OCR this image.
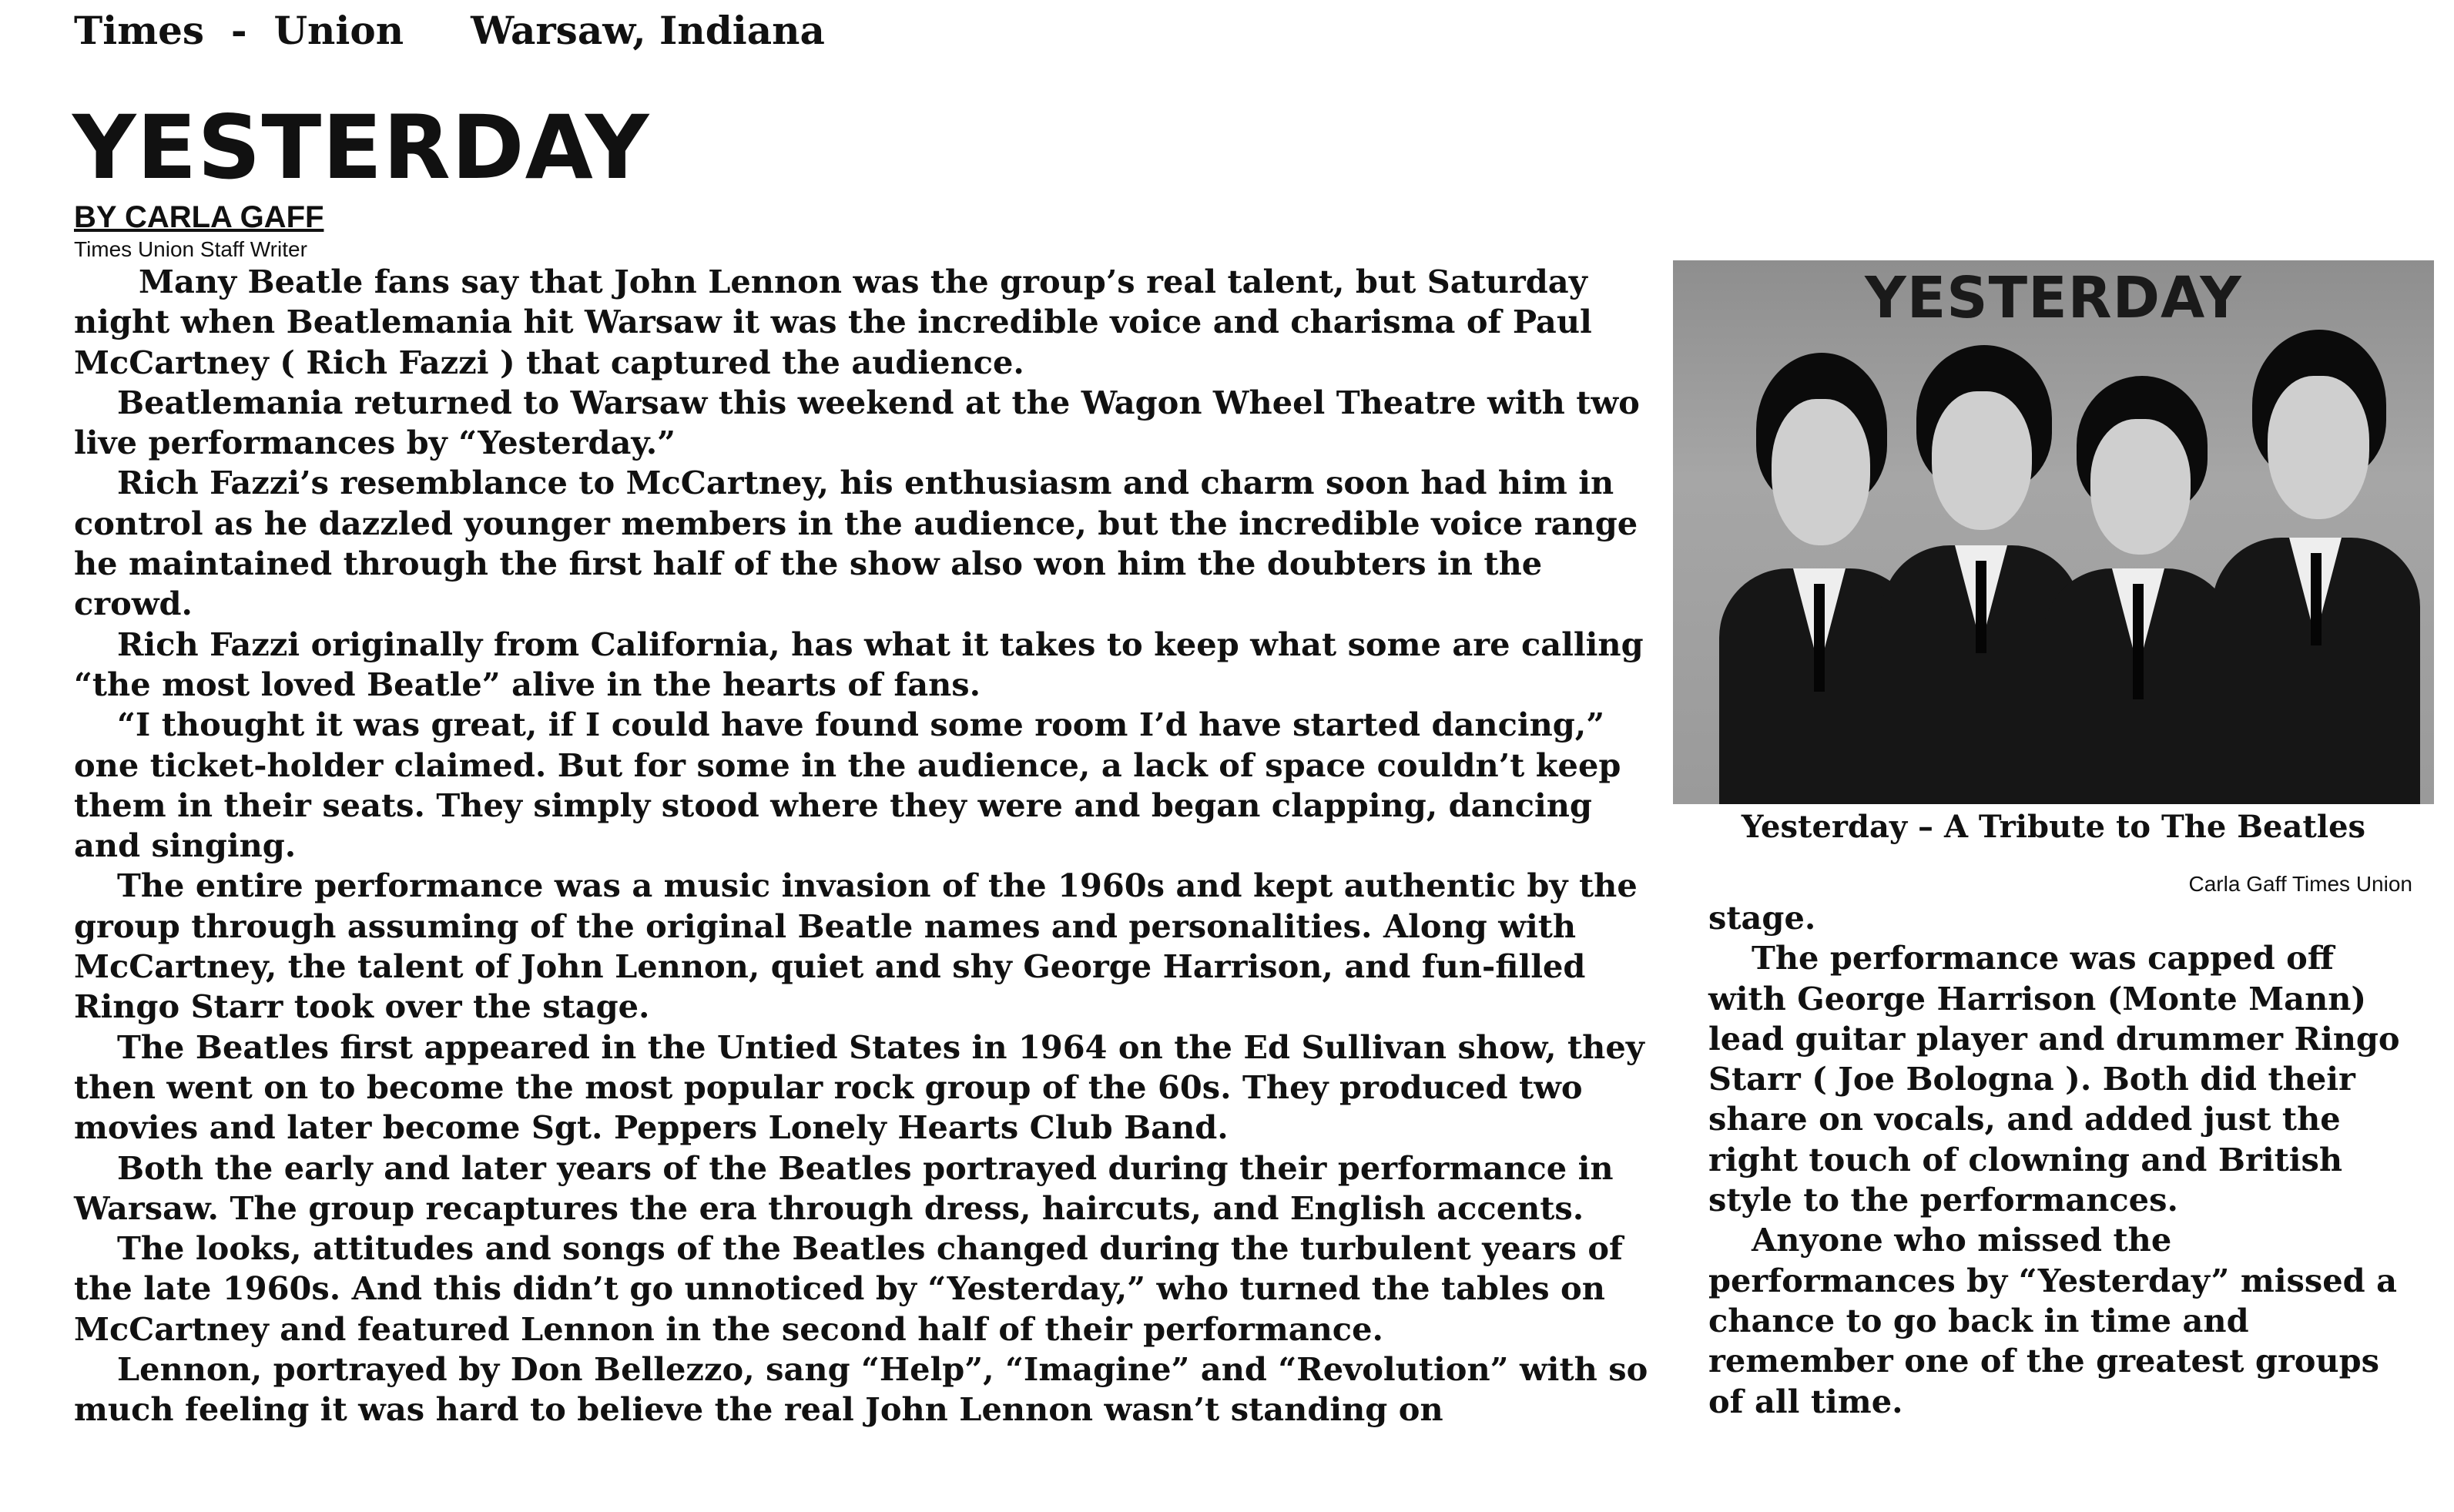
Times  -  Union     Warsaw, Indiana
YESTERDAY
BY CARLA GAFF
Times Union Staff Writer

Many Beatle fans say that John Lennon was the group’s real talent, but Saturday night when Beatlemania hit Warsaw it was the incredible voice and charisma of Paul McCartney ( Rich Fazzi ) that captured the audience.

Beatlemania returned to Warsaw this weekend at the Wagon Wheel Theatre with two live performances by “Yesterday.”

Rich Fazzi’s resemblance to McCartney, his enthusiasm and charm soon had him in control as he dazzled younger members in the audience, but the incredible voice range he maintained through the first half of the show also won him the doubters in the crowd.

Rich Fazzi originally from California, has what it takes to keep what some are calling “the most loved Beatle” alive in the hearts of fans.

“I thought it was great, if I could have found some room I’d have started dancing,” one ticket-holder claimed. But for some in the audience, a lack of space couldn’t keep them in their seats. They simply stood where they were and began clapping, dancing and singing.

The entire performance was a music invasion of the 1960s and kept authentic by the group through assuming of the original Beatle names and personalities. Along with McCartney, the talent of John Lennon, quiet and shy George Harrison, and fun-filled Ringo Starr took over the stage.

The Beatles first appeared in the Untied States in 1964 on the Ed Sullivan show, they then went on to become the most popular rock group of the 60s. They produced two movies and later become Sgt. Peppers Lonely Hearts Club Band.

Both the early and later years of the Beatles portrayed during their performance in Warsaw. The group recaptures the era through dress, haircuts, and English accents.

The looks, attitudes and songs of the Beatles changed during the turbulent years of the late 1960s. And this didn’t go unnoticed by “Yesterday,” who turned the tables on McCartney and featured Lennon in the second half of their performance.

Lennon, portrayed by Don Bellezzo, sang “Help”, “Imagine” and “Revolution” with so much feeling it was hard to believe the real John Lennon wasn’t standing on

YESTERDAY
Yesterday – A Tribute to The Beatles
Carla Gaff Times Union

stage.

The performance was capped off with George Harrison (Monte Mann) lead guitar player and drummer Ringo Starr ( Joe Bologna ). Both did their share on vocals, and added just the right touch of clowning and British style to the performances.

Anyone who missed the performances by “Yesterday” missed a chance to go back in time and remember one of the greatest groups of all time.
